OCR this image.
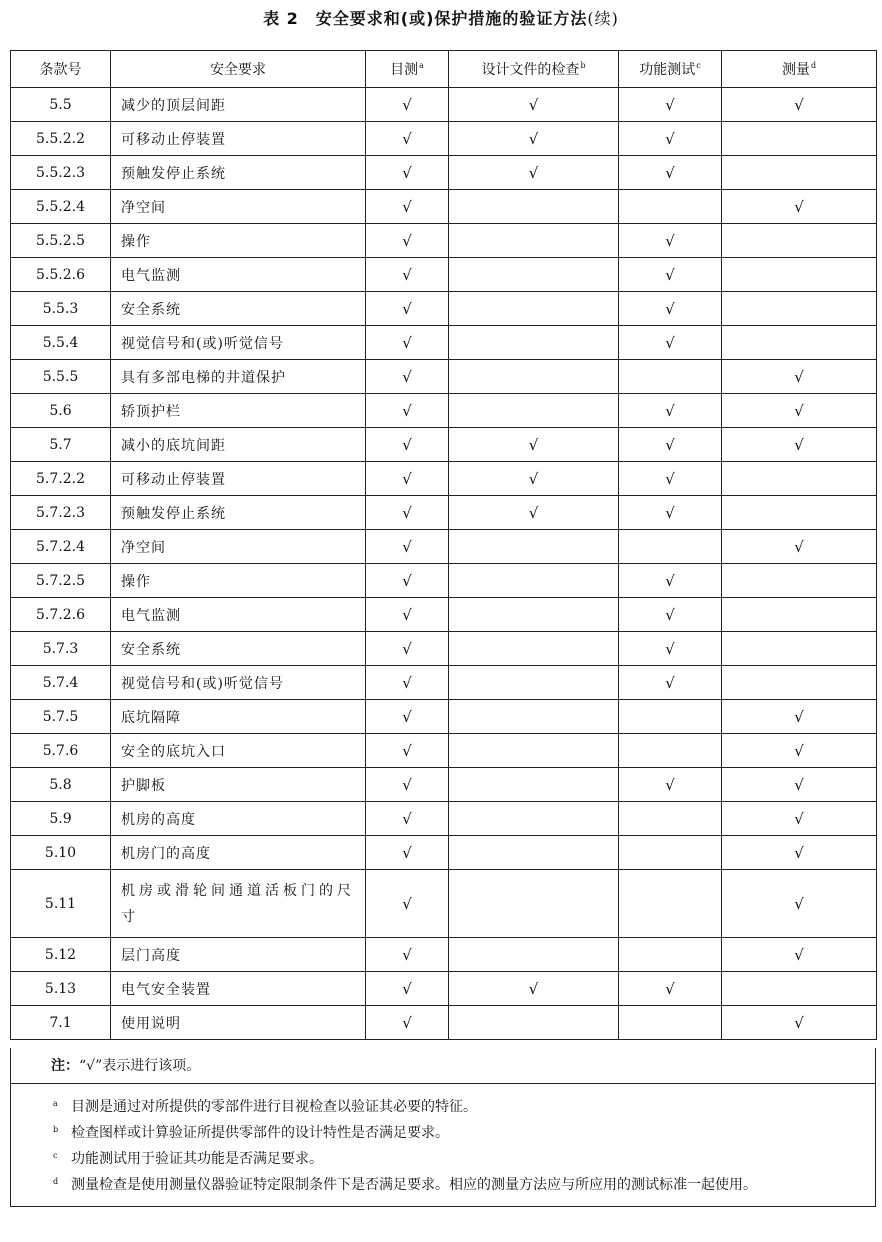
表 2　安全要求和(或)保护措施的验证方法(续)
条款号	安全要求	目测$^a$	设计文件的检查$^b$	功能测试$^c$	测量$^d$
5.5	减少的顶层间距	√	√	√	√
5.5.2.2	可移动止停装置	√	√	√	
5.5.2.3	预触发停止系统	√	√	√	
5.5.2.4	净空间	√			√
5.5.2.5	操作	√		√	
5.5.2.6	电气监测	√		√	
5.5.3	安全系统	√		√	
5.5.4	视觉信号和(或)听觉信号	√		√	
5.5.5	具有多部电梯的井道保护	√			√
5.6	轿顶护栏	√		√	√
5.7	减小的底坑间距	√	√	√	√
5.7.2.2	可移动止停装置	√	√	√	
5.7.2.3	预触发停止系统	√	√	√	
5.7.2.4	净空间	√			√
5.7.2.5	操作	√		√	
5.7.2.6	电气监测	√		√	
5.7.3	安全系统	√		√	
5.7.4	视觉信号和(或)听觉信号	√		√	
5.7.5	底坑隔障	√			√
5.7.6	安全的底坑入口	√			√
5.8	护脚板	√		√	√
5.9	机房的高度	√			√
5.10	机房门的高度	√			√
5.11	机房或滑轮间通道活板门的尺寸	√			√
5.12	层门高度	√			√
5.13	电气安全装置	√	√	√	
7.1	使用说明	√			√
注：“√”表示进行该项。
a 目测是通过对所提供的零部件进行目视检查以验证其必要的特征。
b 检查图样或计算验证所提供零部件的设计特性是否满足要求。
c 功能测试用于验证其功能是否满足要求。
d 测量检查是使用测量仪器验证特定限制条件下是否满足要求。相应的测量方法应与所应用的测试标准一起使用。
